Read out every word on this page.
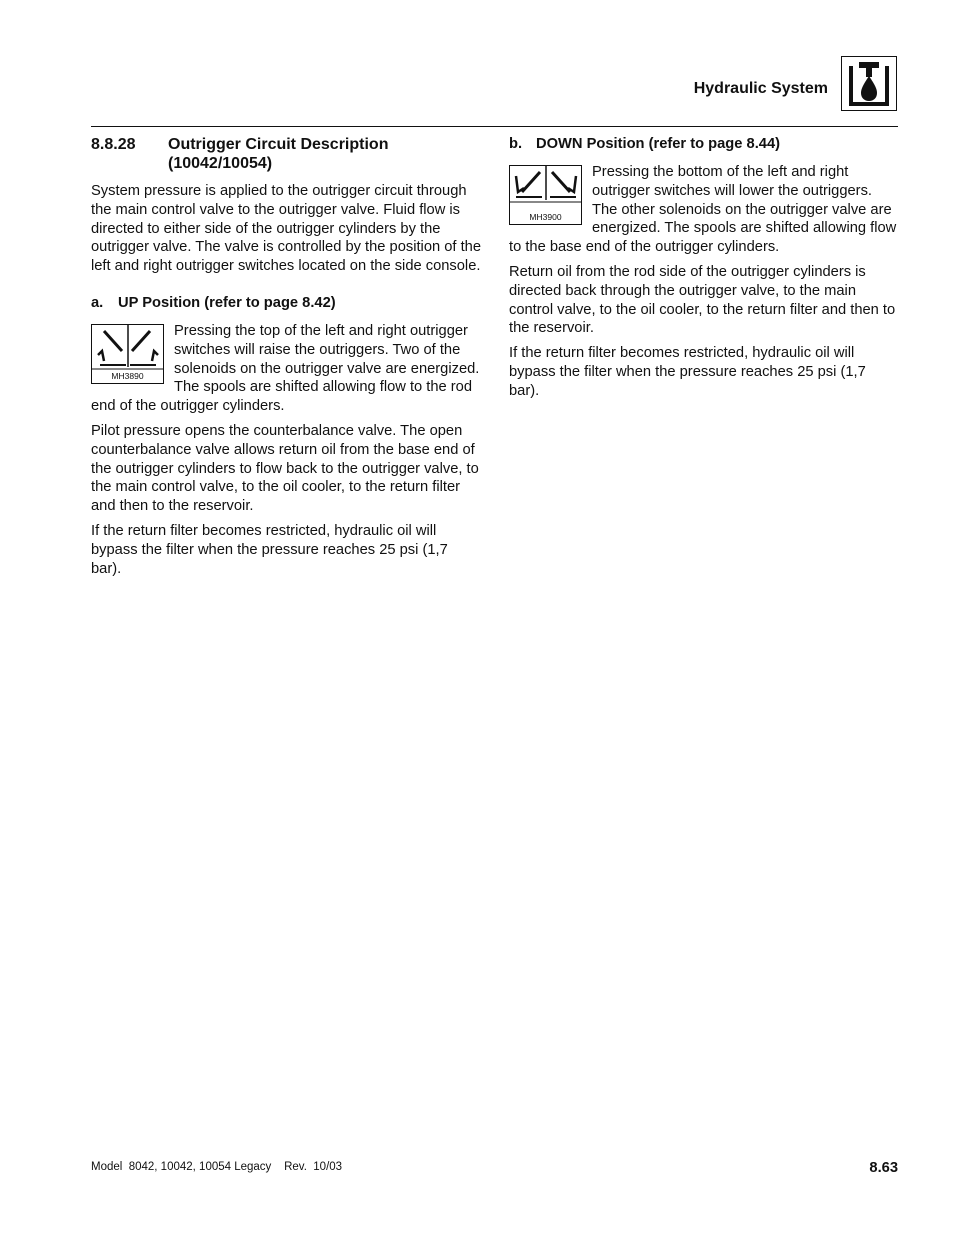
Hydraulic System
8.8.28	Outrigger Circuit Description
(10042/10054)

System pressure is applied to the outrigger circuit through the main control valve to the outrigger valve. Fluid flow is directed to either side of the outrigger cylinders by the outrigger valve. The valve is controlled by the position of the left and right outrigger switches located on the side console.

a. UP Position (refer to page 8.42)
MH3890

Pressing the top of the left and right outrigger switches will raise the outriggers. Two of the solenoids on the outrigger valve are energized. The spools are shifted allowing flow to the rod end of the outrigger cylinders.

Pilot pressure opens the counterbalance valve. The open counterbalance valve allows return oil from the base end of the outrigger cylinders to flow back to the outrigger valve, to the main control valve, to the oil cooler, to the return filter and then to the reservoir.

If the return filter becomes restricted, hydraulic oil will bypass the filter when the pressure reaches 25 psi (1,7 bar).

b. DOWN Position (refer to page 8.44)
MH3900

Pressing the bottom of the left and right outrigger switches will lower the outriggers. The other solenoids on the outrigger valve are energized. The spools are shifted allowing flow to the base end of the outrigger cylinders.

Return oil from the rod side of the outrigger cylinders is directed back through the outrigger valve, to the main control valve, to the oil cooler, to the return filter and then to the reservoir.

If the return filter becomes restricted, hydraulic oil will bypass the filter when the pressure reaches 25 psi (1,7 bar).

Model  8042, 10042, 10054 Legacy    Rev.  10/03	8.63
